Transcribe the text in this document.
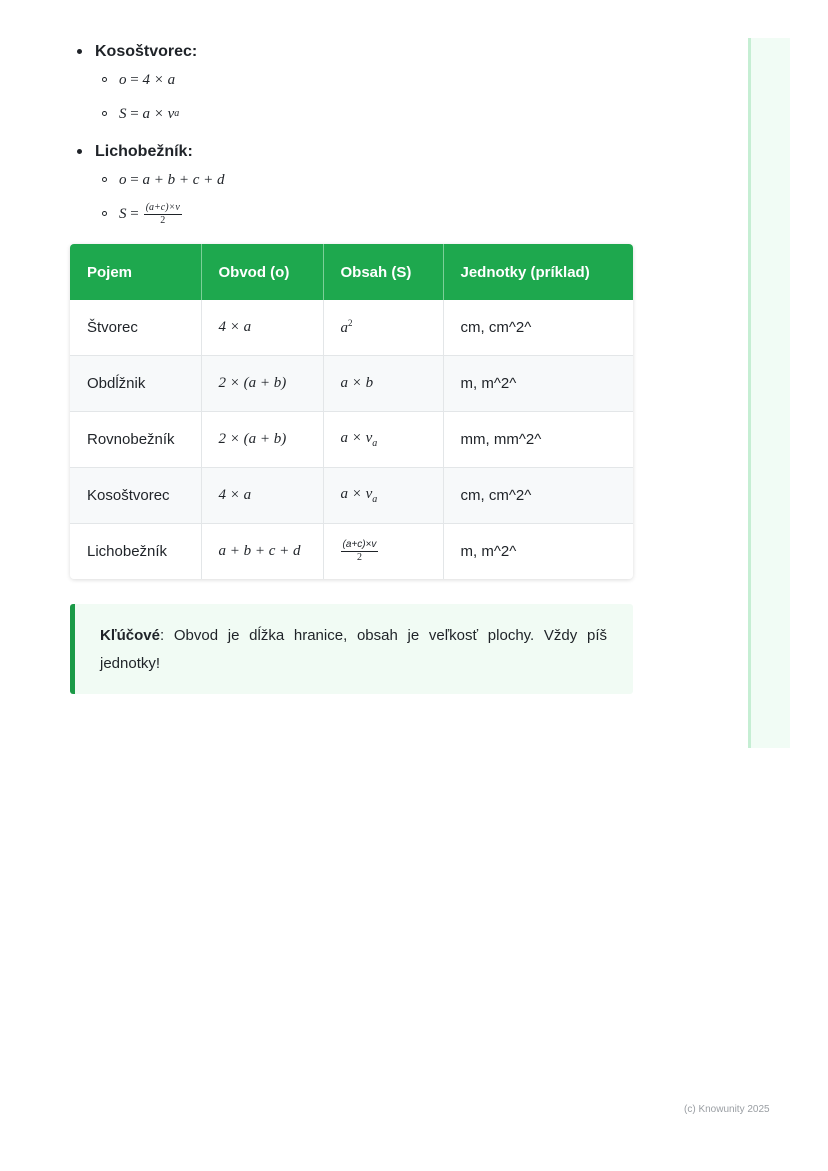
Kosoštvorec:
o = 4 × a
S = a × v a
Lichobežník:
o = a + b + c + d
$S = \frac{(a+c)\times v}{2}$
Pojem	Obvod (o)	Obsah (S)	Jednotky (príklad)
Štvorec	4 × a	$a^2$	cm, cm^2^
Obdĺžnik	2 × (a + b)	a × b	m, m^2^
Rovnobežník	2 × (a + b)	$a \times v_a$	mm, mm^2^
Kosoštvorec	4 × a	$a \times v_a$	cm, cm^2^
Lichobežník	a + b + c + d	$\frac{(a+c)\times v}{2}$	m, m^2^
Kľúčové: Obvod je dĺžka hranice, obsah je veľkosť plochy. Vždy píš jednotky!
(c) Knowunity 2025
